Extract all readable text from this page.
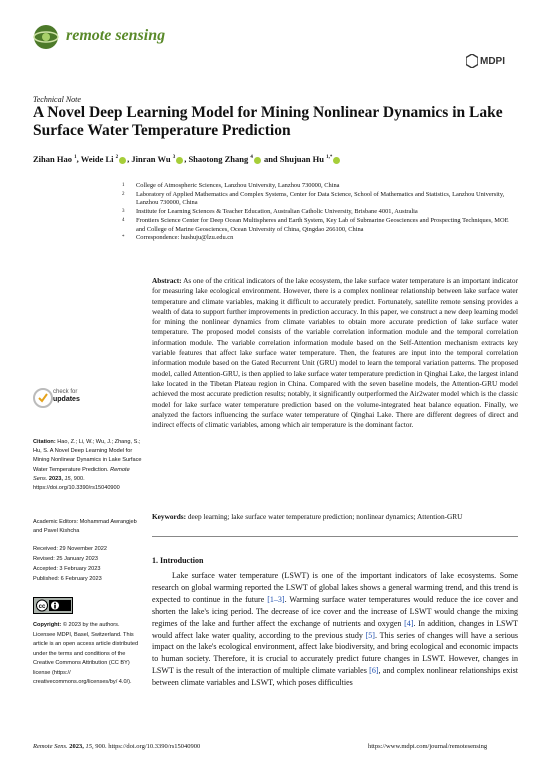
remote sensing
MDPI
Technical Note
A Novel Deep Learning Model for Mining Nonlinear Dynamics in Lake Surface Water Temperature Prediction
Zihan Hao $^1$, Weide Li $^2$ , Jinran Wu $^3$ , Shaotong Zhang $^4$ and Shujuan Hu $^{1,*}$
1 College of Atmospheric Sciences, Lanzhou University, Lanzhou 730000, China
2 Laboratory of Applied Mathematics and Complex Systems, Center for Data Science, School of Mathematics and Statistics, Lanzhou University, Lanzhou 730000, China
3 Institute for Learning Sciences & Teacher Education, Australian Catholic University, Brisbane 4001, Australia
4 Frontiers Science Center for Deep Ocean Multispheres and Earth System, Key Lab of Submarine Geosciences and Prospecting Techniques, MOE and College of Marine Geosciences, Ocean University of China, Qingdao 266100, China
* Correspondence: hushuju@lzu.edu.cn
Abstract: As one of the critical indicators of the lake ecosystem, the lake surface water temperature is an important indicator for measuring lake ecological environment. However, there is a complex nonlinear relationship between lake surface water temperature and climate variables, making it difficult to accurately predict. Fortunately, satellite remote sensing provides a wealth of data to support further improvements in prediction accuracy. In this paper, we construct a new deep learning model for mining the nonlinear dynamics from climate variables to obtain more accurate prediction of lake surface water temperature. The proposed model consists of the variable correlation information module and the temporal correlation information module. The variable correlation information module based on the Self-Attention mechanism extracts key variable features that affect lake surface water temperature. Then, the features are input into the temporal correlation information module based on the Gated Recurrent Unit (GRU) model to learn the temporal variation patterns. The proposed model, called Attention-GRU, is then applied to lake surface water temperature prediction in Qinghai Lake, the largest inland lake located in the Tibetan Plateau region in China. Compared with the seven baseline models, the Attention-GRU model achieved the most accurate prediction results; notably, it significantly outperformed the Air2water model which is the classic model for lake surface water temperature prediction based on the volume-integrated heat balance equation. Finally, we analyzed the factors influencing the surface water temperature of Qinghai Lake. There are different degrees of direct and indirect effects of climatic variables, among which air temperature is the dominant factor.
Keywords: deep learning; lake surface water temperature prediction; nonlinear dynamics; Attention-GRU
check for
updates
Citation: Hao, Z.; Li, W.; Wu, J.; Zhang, S.; Hu, S. A Novel Deep Learning Model for Mining Nonlinear Dynamics in Lake Surface Water Temperature Prediction. Remote Sens. 2023, 15, 900. https://doi.org/10.3390/rs15040900
Academic Editors: Mohammad Awrangjeb and Pavel Kishcha
Received: 29 November 2022
Revised: 25 January 2023
Accepted: 3 February 2023
Published: 6 February 2023
cc
Copyright: © 2023 by the authors. Licensee MDPI, Basel, Switzerland. This article is an open access article distributed under the terms and conditions of the Creative Commons Attribution (CC BY) license (https:// creativecommons.org/licenses/by/ 4.0/).
1. Introduction
Lake surface water temperature (LSWT) is one of the important indicators of lake ecosystems. Some research on global warming reported the LSWT of global lakes shows a general warming trend, and this trend is expected to continue in the future [1–3]. Warming surface water temperatures would reduce the ice cover and shorten the lake's icing period. The decrease of ice cover and the increase of LSWT would change the mixing regimes of the lake and further affect the exchange of nutrients and oxygen [4]. In addition, changes in LSWT would affect lake water quality, according to the previous study [5]. This series of changes will have a serious impact on the lake's ecological environment, affect lake biodiversity, and bring ecological and economic impacts to human society. Therefore, it is crucial to accurately predict future changes in LSWT. However, changes in LSWT is the result of the interaction of multiple climate variables [6], and complex nonlinear relationships exist between climate variables and LSWT, which poses difficulties
Remote Sens. 2023, 15, 900. https://doi.org/10.3390/rs15040900	https://www.mdpi.com/journal/remotesensing
